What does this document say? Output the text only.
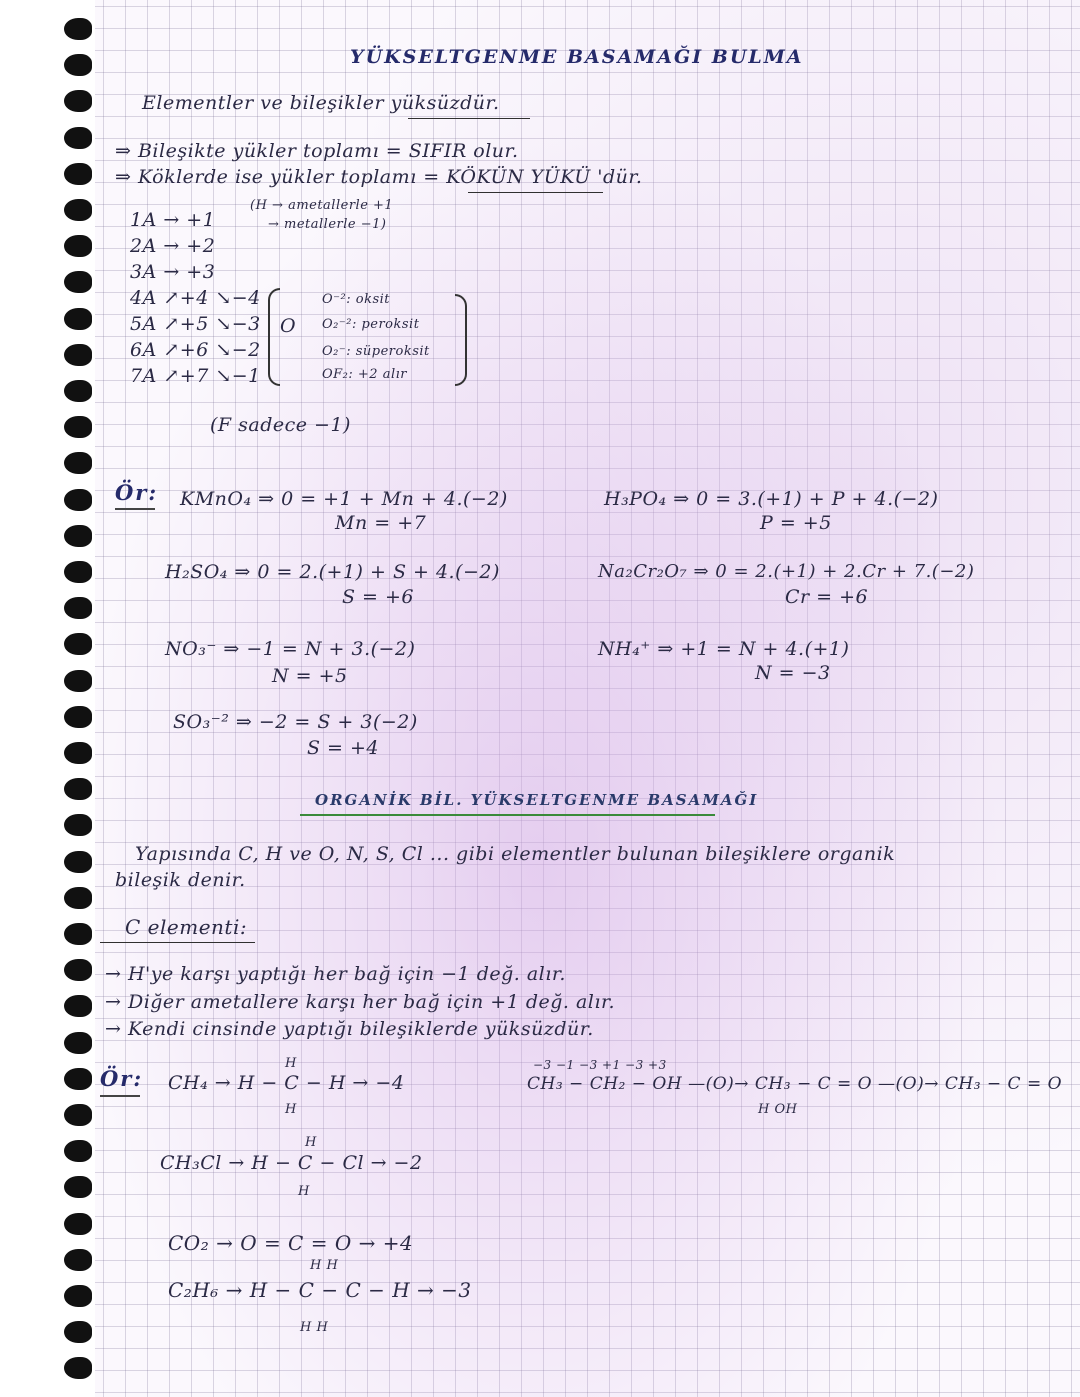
YÜKSELTGENME BASAMAĞI BULMA
Elementler ve bileşikler yüksüzdür.
⇒ Bileşikte yükler toplamı = SIFIR olur.
⇒ Köklerde ise yükler toplamı = KÖKÜN YÜKÜ 'dür.
1A → +1
2A → +2
3A → +3
4A ↗+4 ↘−4
5A ↗+5 ↘−3
6A ↗+6 ↘−2
7A ↗+7 ↘−1
(H → ametallerle +1
→ metallerle −1)
O
O⁻²: oksit
O₂⁻²: peroksit
O₂⁻: süperoksit
OF₂: +2 alır
(F sadece −1)
Ör: KMnO₄ ⇒ 0 = +1 + Mn + 4.(−2)
Mn = +7
H₂SO₄ ⇒ 0 = 2.(+1) + S + 4.(−2)
S = +6
NO₃⁻ ⇒ −1 = N + 3.(−2)
N = +5
SO₃⁻² ⇒ −2 = S + 3(−2)
S = +4
H₃PO₄ ⇒ 0 = 3.(+1) + P + 4.(−2)
P = +5
Na₂Cr₂O₇ ⇒ 0 = 2.(+1) + 2.Cr + 7.(−2)
Cr = +6
NH₄⁺ ⇒ +1 = N + 4.(+1)
N = −3
ORGANİK BİL. YÜKSELTGENME BASAMAĞI
Yapısında C, H ve O, N, S, Cl ... gibi elementler bulunan bileşiklere organik
bileşik denir.
C elementi:
→ H'ye karşı yaptığı her bağ için −1 değ. alır.
→ Diğer ametallere karşı her bağ için +1 değ. alır.
→ Kendi cinsinde yaptığı bileşiklerde yüksüzdür.
Ör:
H
CH₄ → H − C − H → −4
H
H
CH₃Cl → H − C − Cl → −2
H
CO₂ → O = C = O → +4
H H
C₂H₆ → H − C − C − H → −3
H H
−3 −1 −3 +1 −3 +3
CH₃ − CH₂ − OH —(O)→ CH₃ − C = O —(O)→ CH₃ − C = O
H OH
